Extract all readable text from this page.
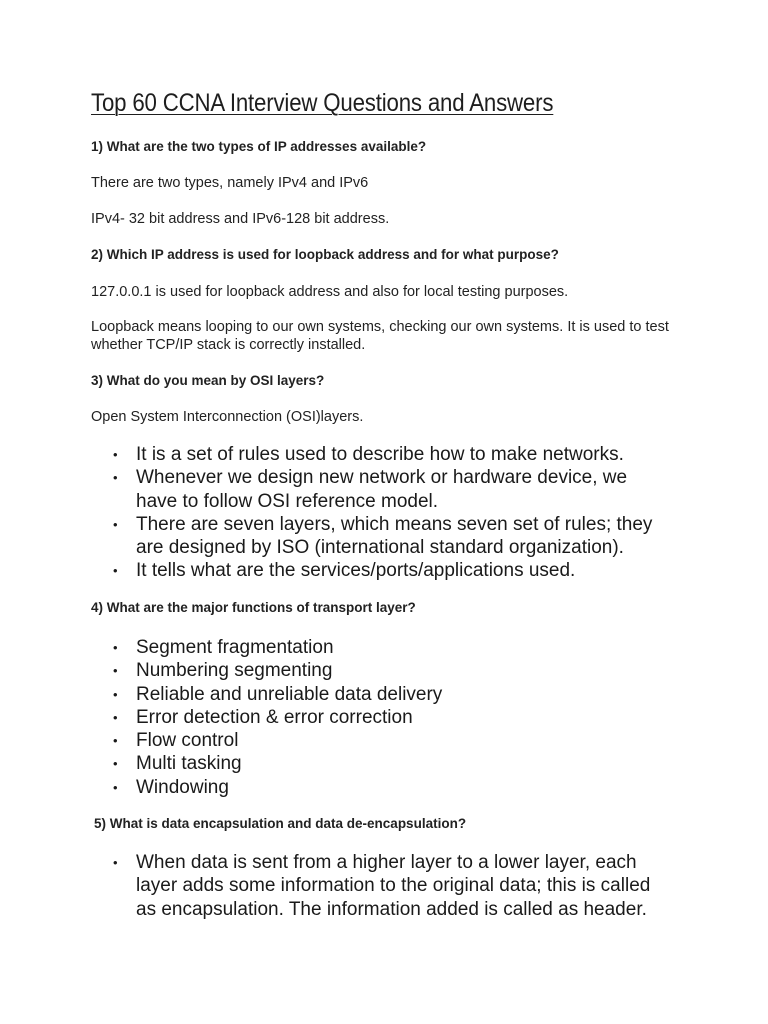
Top 60 CCNA Interview Questions and Answers

1) What are the two types of IP addresses available?

There are two types, namely IPv4 and IPv6

IPv4- 32 bit address and IPv6-128 bit address.

2) Which IP address is used for loopback address and for what purpose?

127.0.0.1 is used for loopback address and also for local testing purposes.

Loopback means looping to our own systems, checking our own systems. It is used to test whether TCP/IP stack is correctly installed.

3) What do you mean by OSI layers?

Open System Interconnection (OSI)layers.

• It is a set of rules used to describe how to make networks.
• Whenever we design new network or hardware device, we have to follow OSI reference model.
• There are seven layers, which means seven set of rules; they are designed by ISO (international standard organization).
• It tells what are the services/ports/applications used.

4) What are the major functions of transport layer?

• Segment fragmentation
• Numbering segmenting
• Reliable and unreliable data delivery
• Error detection & error correction
• Flow control
• Multi tasking
• Windowing

5) What is data encapsulation and data de-encapsulation?

• When data is sent from a higher layer to a lower layer, each layer adds some information to the original data; this is called as encapsulation. The information added is called as header.
